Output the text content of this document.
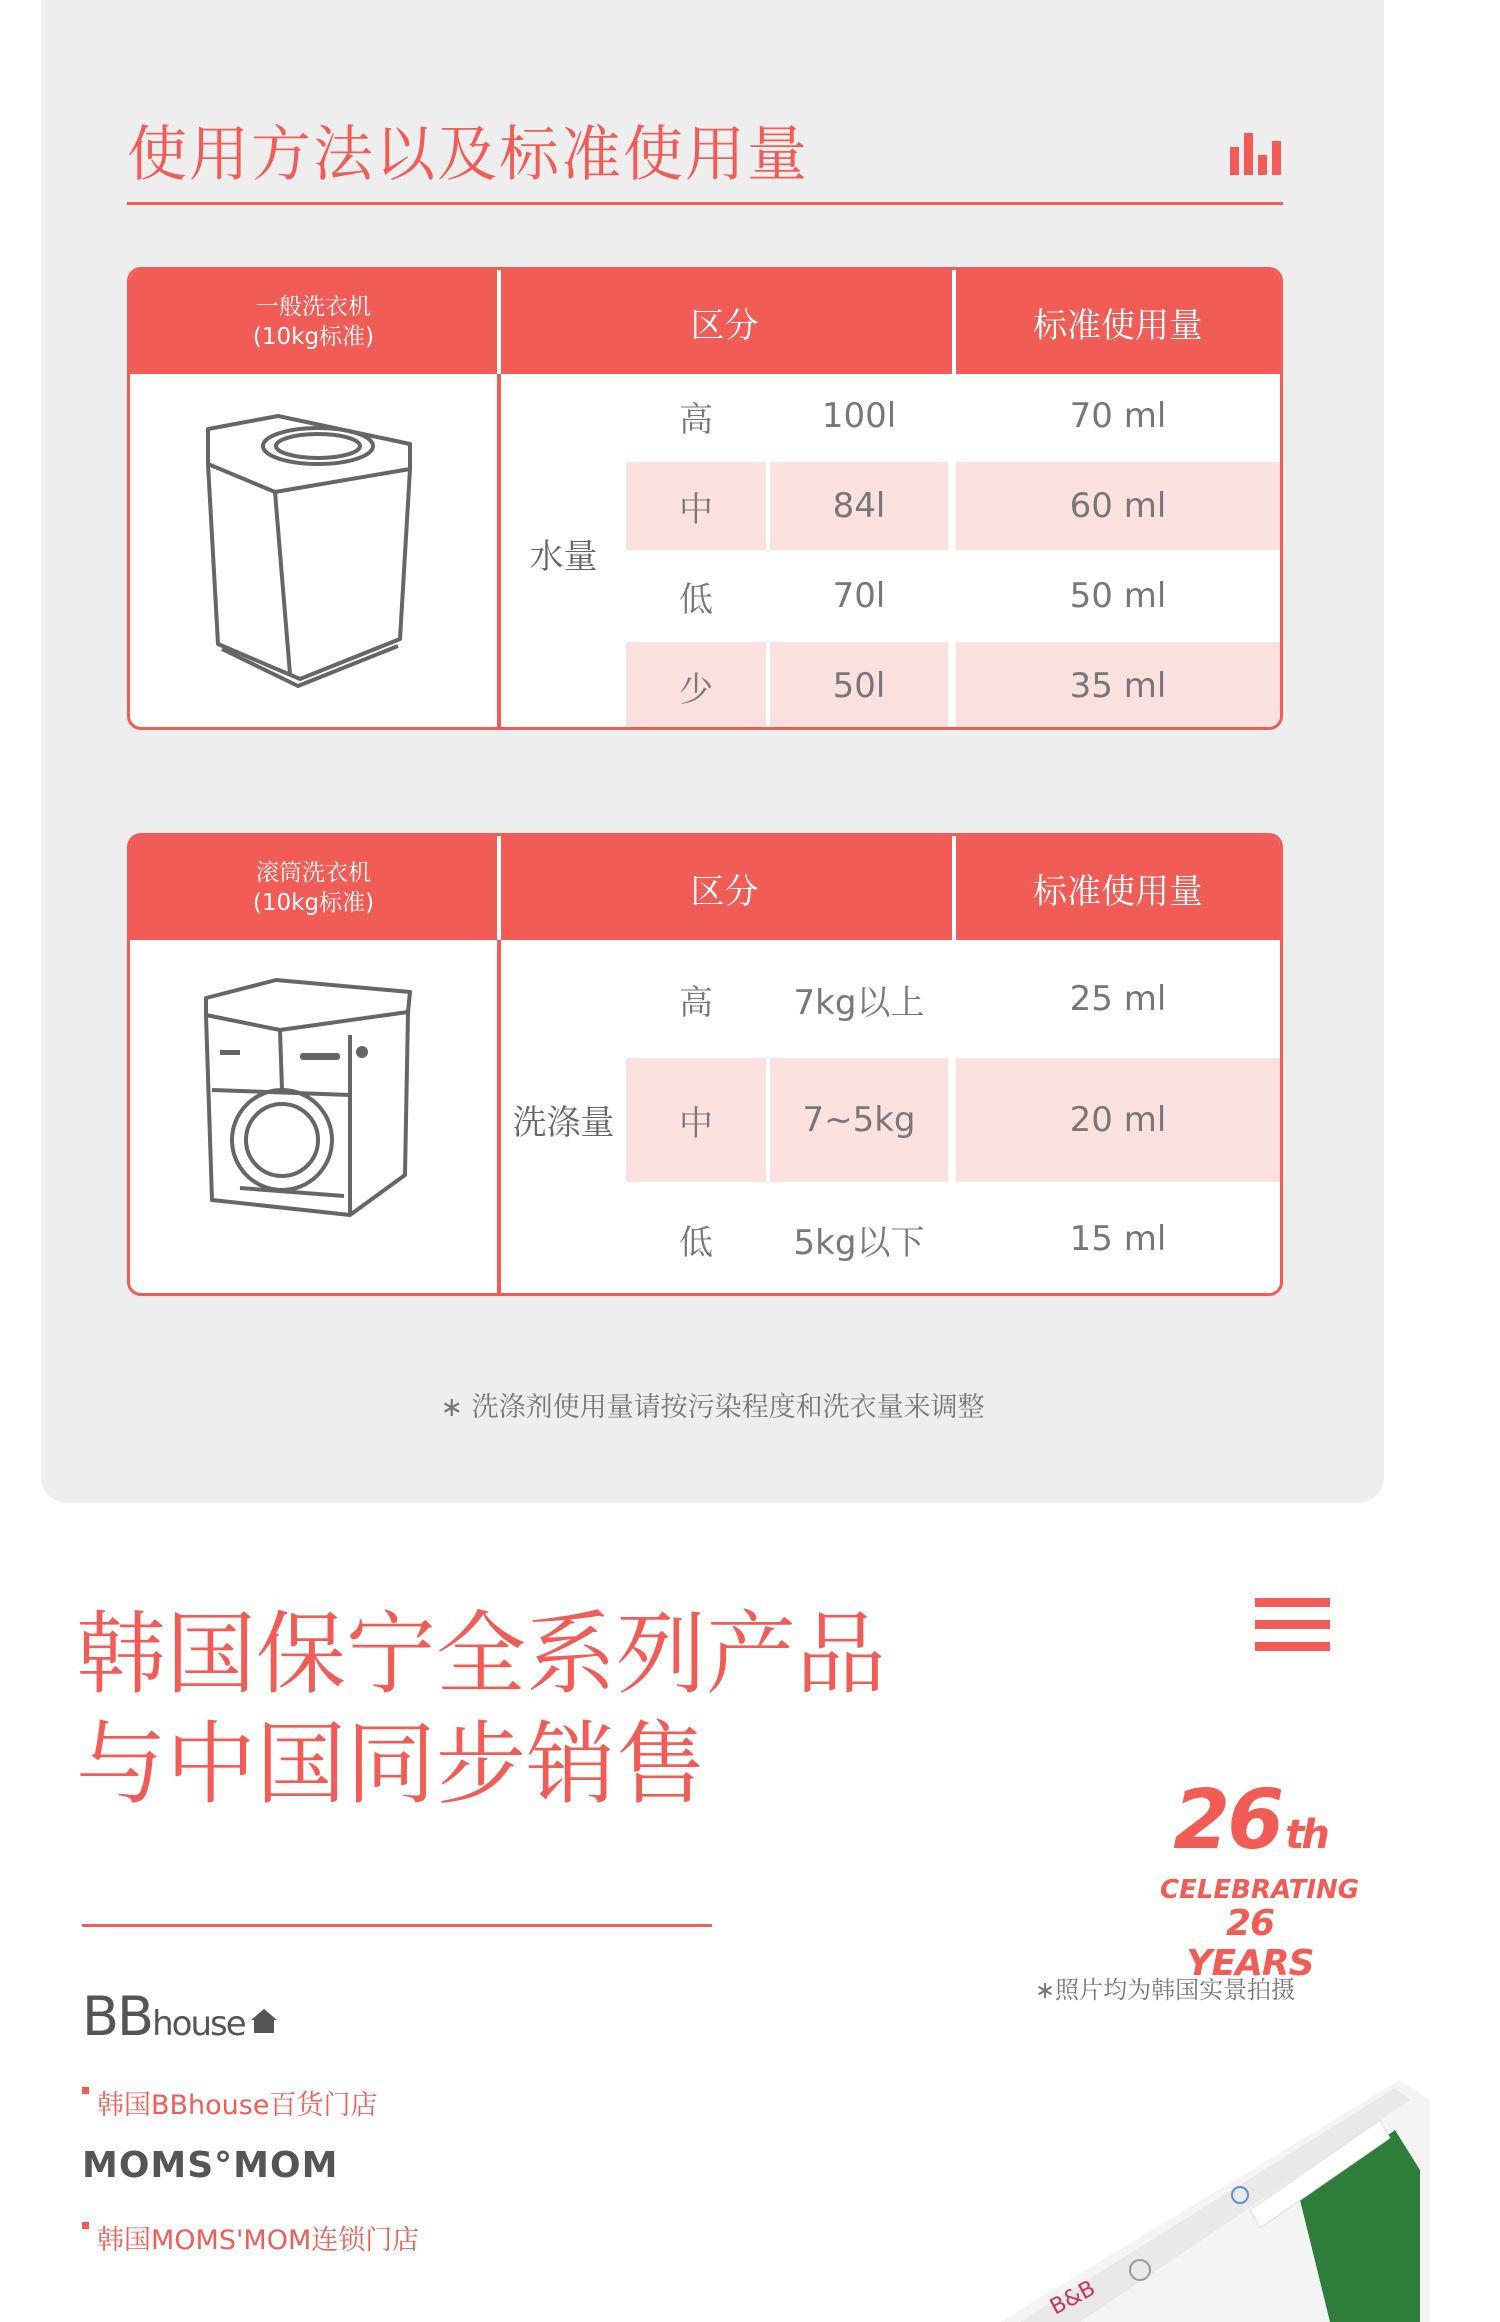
使用方法以及标准使用量
一般洗衣机
(10kg标准)	区分	标准使用量
水量
高	100l	70 ml
中	84l	60 ml
低	70l	50 ml
少	50l	35 ml
滚筒洗衣机
(10kg标准)	区分	标准使用量
洗涤量
高	7kg以上	25 ml
中	7~5kg	20 ml
低	5kg以下	15 ml
∗ 洗涤剂使用量请按污染程度和洗衣量来调整
韩国保宁全系列产品
与中国同步销售
26 th
CELEBRATING
26 YEARS
∗照片均为韩国实景拍摄
BBhouse
韩国BBhouse百货门店
MOMS°MOM
韩国MOMS'MOM连锁门店
B&B
